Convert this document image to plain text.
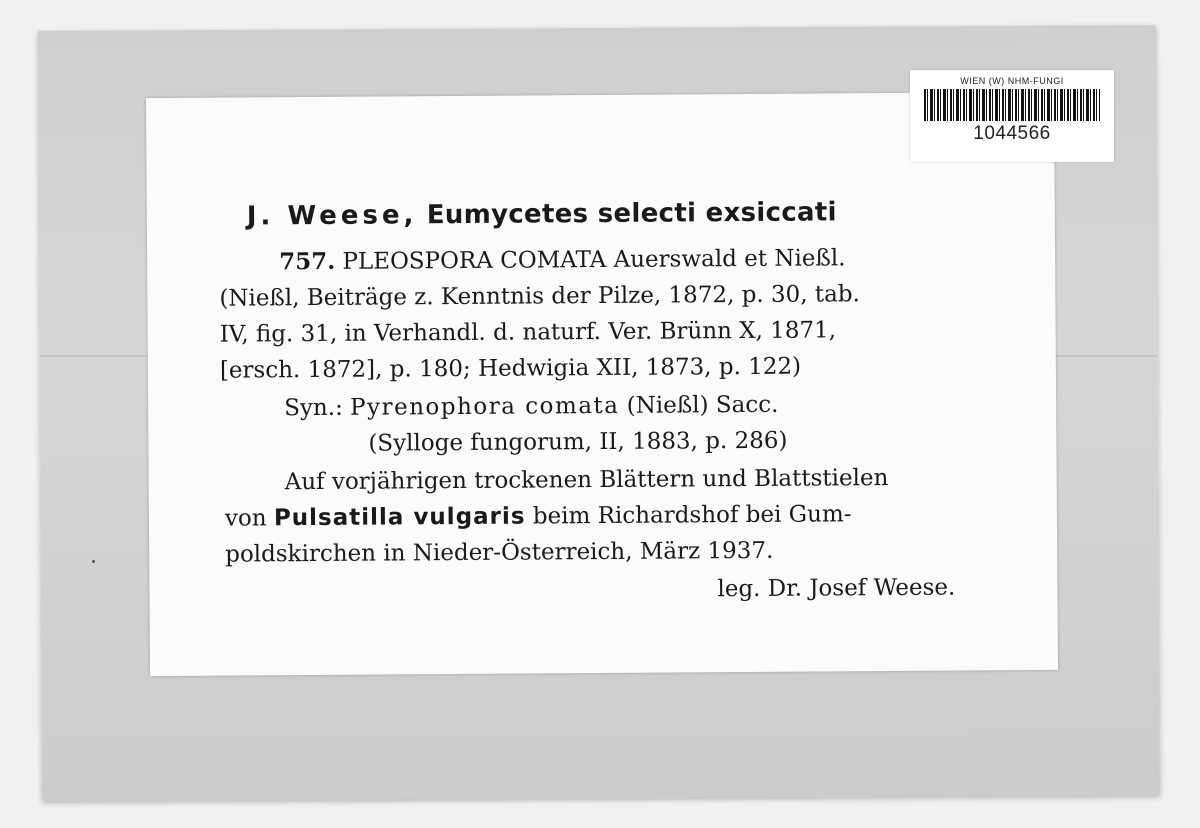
J. Weese, Eumycetes selecti exsiccati
757. PLEOSPORA COMATA Auerswald et Nießl.
(Nießl, Beiträge z. Kenntnis der Pilze, 1872, p. 30, tab.
IV, fig. 31, in Verhandl. d. naturf. Ver. Brünn X, 1871,
[ersch. 1872], p. 180; Hedwigia XII, 1873, p. 122)
Syn.: Pyrenophora comata (Nießl) Sacc.
(Sylloge fungorum, II, 1883, p. 286)
Auf vorjährigen trockenen Blättern und Blattstielen
von Pulsatilla vulgaris beim Richardshof bei Gum-
poldskirchen in Nieder-Österreich, März 1937.
leg. Dr. Josef Weese.
WIEN (W) NHM-FUNGI
1044566
